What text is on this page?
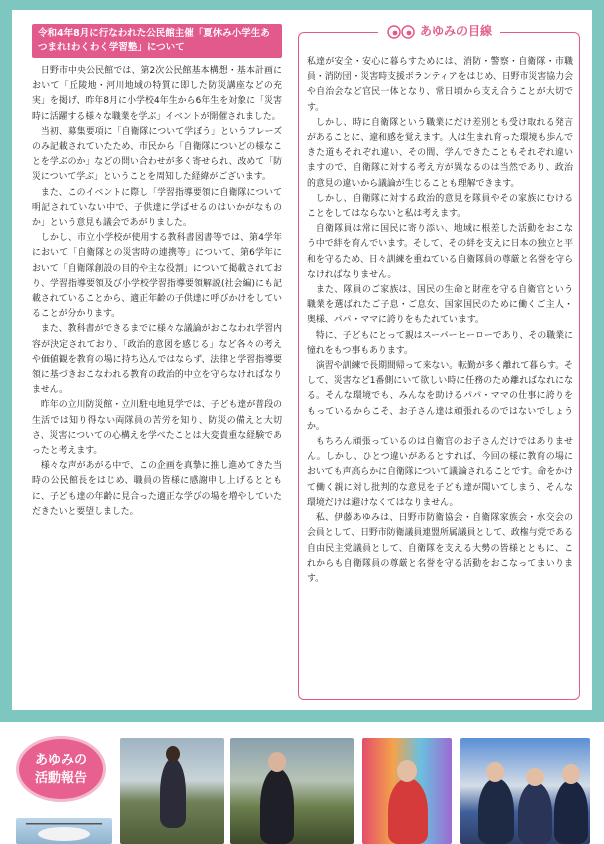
令和4年8月に行なわれた公民館主催「夏休み小学生あつまれ!わくわく学習塾」について

日野市中央公民館では、第2次公民館基本構想・基本計画において「丘陵地・河川地域の特質に即した防災講座などの充実」を掲げ、昨年8月に小学校4年生から6年生を対象に「災害時に活躍する様々な職業を学ぶ」イベントが開催されました。

当初、募集要項に「自衛隊について学ぼう」というフレーズのみ記載されていたため、市民から「自衛隊についどの様なことを学ぶのか」などの問い合わせが多く寄せられ、改めて「防災について学ぶ」ということを周知した経緯がございます。

また、このイベントに際し「学習指導要領に自衛隊について明記されていない中で、子供達に学ばせるのはいかがなものか」という意見も議会であがりました。

しかし、市立小学校が使用する教科書図書等では、第4学年において「自衛隊との災害時の連携等」について、第6学年において「自衛隊創設の目的や主な役割」について掲載されており、学習指導要領及び小学校学習指導要領解説(社会編)にも記載されていることから、適正年齢の子供達に呼びかけをしていることが分かります。

また、教科書ができるまでに様々な議論がおこなわれ学習内容が決定されており、「政治的意図を感じる」など各々の考えや価値観を教育の場に持ち込んではならず、法律と学習指導要領に基づきおこなわれる教育の政治的中立を守らなければなりません。

昨年の立川防災館・立川駐屯地見学では、子ども達が普段の生活では知り得ない両隊員の苦労を知り、防災の備えと大切さ、災害についての心構えを学べたことは大変貴重な経験であったと考えます。

様々な声があがる中で、この企画を真摯に推し進めてきた当時の公民館長をはじめ、職員の皆様に感謝申し上げるとともに、子ども達の年齢に見合った適正な学びの場を増やしていただきたいと要望しました。

あゆみの目線

私達が安全・安心に暮らすためには、消防・警察・自衛隊・市職員・消防団・災害時支援ボランティアをはじめ、日野市災害協力会や自治会など官民一体となり、常日頃から支え合うことが大切です。

しかし、時に自衛隊という職業にだけ差別とも受け取れる発言があることに、違和感を覚えます。人は生まれ育った環境も歩んできた道もそれぞれ違い、その間、学んできたこともそれぞれ違いますので、自衛隊に対する考え方が異なるのは当然であり、政治的意見の違いから議論が生じることも理解できます。

しかし、自衛隊に対する政治的意見を隊員やその家族にむけることをしてはならないと私は考えます。

自衛隊員は常に国民に寄り添い、地域に根差した活動をおこなう中で絆を育んでいます。そして、その絆を支えに日本の独立と平和を守るため、日々訓練を重ねている自衛隊員の尊厳と名誉を守らなければなりません。

また、隊員のご家族は、国民の生命と財産を守る自衛官という職業を選ばれたご子息・ご息女、国家国民のために働くご主人・奥様、パパ・ママに誇りをもたれています。

特に、子どもにとって親はスーパーヒーローであり、その職業に憧れをもつ事もあります。

演習や訓練で長期間帰って来ない。転勤が多く離れて暮らす。そして、災害など1番側にいて欲しい時に任務のため離ればなれになる。そんな環境でも、みんなを助けるパパ・ママの仕事に誇りをもっているからこそ、お子さん達は頑張れるのではないでしょうか。

もちろん頑張っているのは自衛官のお子さんだけではありません。しかし、ひとつ違いがあるとすれば、今回の様に教育の場においても声高らかに自衛隊について議論されることです。命をかけて働く親に対し批判的な意見を子ども達が聞いてしまう、そんな環境だけは避けなくてはなりません。

私、伊藤あゆみは、日野市防衛協会・自衛隊家族会・水交会の会員として、日野市防衛議員連盟所属議員として、政権与党である自由民主党議員として、自衛隊を支える大勢の皆様とともに、これからも自衛隊員の尊厳と名誉を守る活動をおこなってまいります。

あゆみの
活動報告
